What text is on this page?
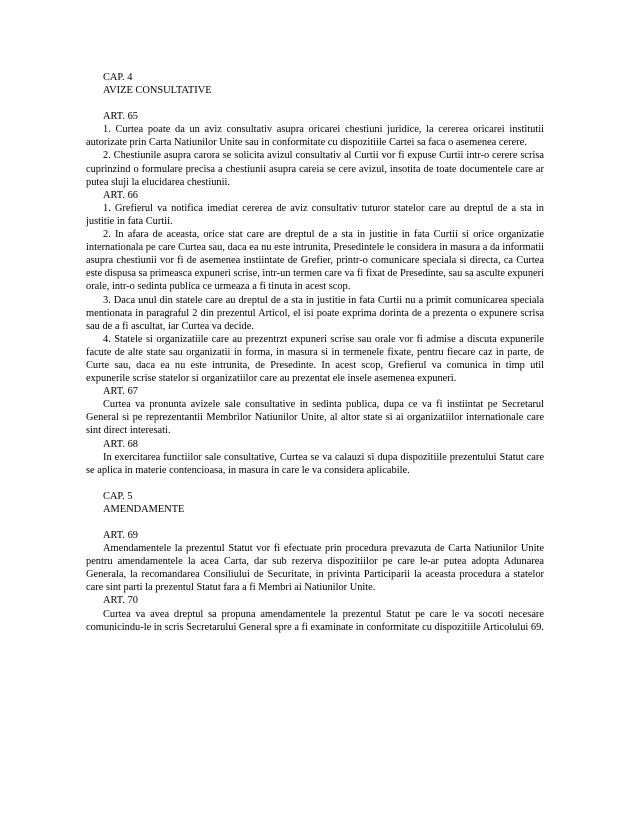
CAP. 4

AVIZE CONSULTATIVE

ART. 65

1. Curtea poate da un aviz consultativ asupra oricarei chestiuni juridice, la cererea oricarei institutii autorizate prin Carta Natiunilor Unite sau in conformitate cu dispozitiile Cartei sa faca o asemenea cerere.

2. Chestiunile asupra carora se solicita avizul consultativ al Curtii vor fi expuse Curtii intr-o cerere scrisa cuprinzind o formulare precisa a chestiunii asupra careia se cere avizul, insotita de toate documentele care ar putea sluji la elucidarea chestiunii.

ART. 66

1. Grefierul va notifica imediat cererea de aviz consultativ tuturor statelor care au dreptul de a sta in justitie in fata Curtii.

2. In afara de aceasta, orice stat care are dreptul de a sta in justitie in fata Curtii si orice organizatie internationala pe care Curtea sau, daca ea nu este intrunita, Presedintele le considera in masura a da informatii asupra chestiunii vor fi de asemenea instiintate de Grefier, printr-o comunicare speciala si directa, ca Curtea este dispusa sa primeasca expuneri scrise, intr-un termen care va fi fixat de Presedinte, sau sa asculte expuneri orale, intr-o sedinta publica ce urmeaza a fi tinuta in acest scop.

3. Daca unul din statele care au dreptul de a sta in justitie in fata Curtii nu a primit comunicarea speciala mentionata in paragraful 2 din prezentul Articol, el isi poate exprima dorinta de a prezenta o expunere scrisa sau de a fi ascultat, iar Curtea va decide.

4. Statele si organizatiile care au prezentrzt expuneri scrise sau orale vor fi admise a discuta expunerile facute de alte state sau organizatii in forma, in masura si in termenele fixate, pentru fiecare caz in parte, de Curte sau, daca ea nu este intrunita, de Presedinte. In acest scop, Grefierul va comunica in timp util expunerile scrise statelor si organizatiilor care au prezentat ele insele asemenea expuneri.

ART. 67

Curtea va pronunta avizele sale consultative in sedinta publica, dupa ce va fi instiintat pe Secretarul General si pe reprezentantii Membrilor Natiunilor Unite, al altor state si ai organizatiilor internationale care sint direct interesati.

ART. 68

In exercitarea functiilor sale consultative, Curtea se va calauzi si dupa dispozitiile prezentului Statut care se aplica in materie contencioasa, in masura in care le va considera aplicabile.

CAP. 5

AMENDAMENTE

ART. 69

Amendamentele la prezentul Statut vor fi efectuate prin procedura prevazuta de Carta Natiunilor Unite pentru amendamentele la acea Carta, dar sub rezerva dispozitiilor pe care le-ar putea adopta Adunarea Generala, la recomandarea Consiliului de Securitate, in privinta Participarii la aceasta procedura a statelor care sint parti la prezentul Statut fara a fi Membri ai Natiunilor Unite.

ART. 70

Curtea va avea dreptul sa propuna amendamentele la prezentul Statut pe care le va socoti necesare comunicindu-le in scris Secretarului General spre a fi examinate in conformitate cu dispozitiile Articolului 69.
